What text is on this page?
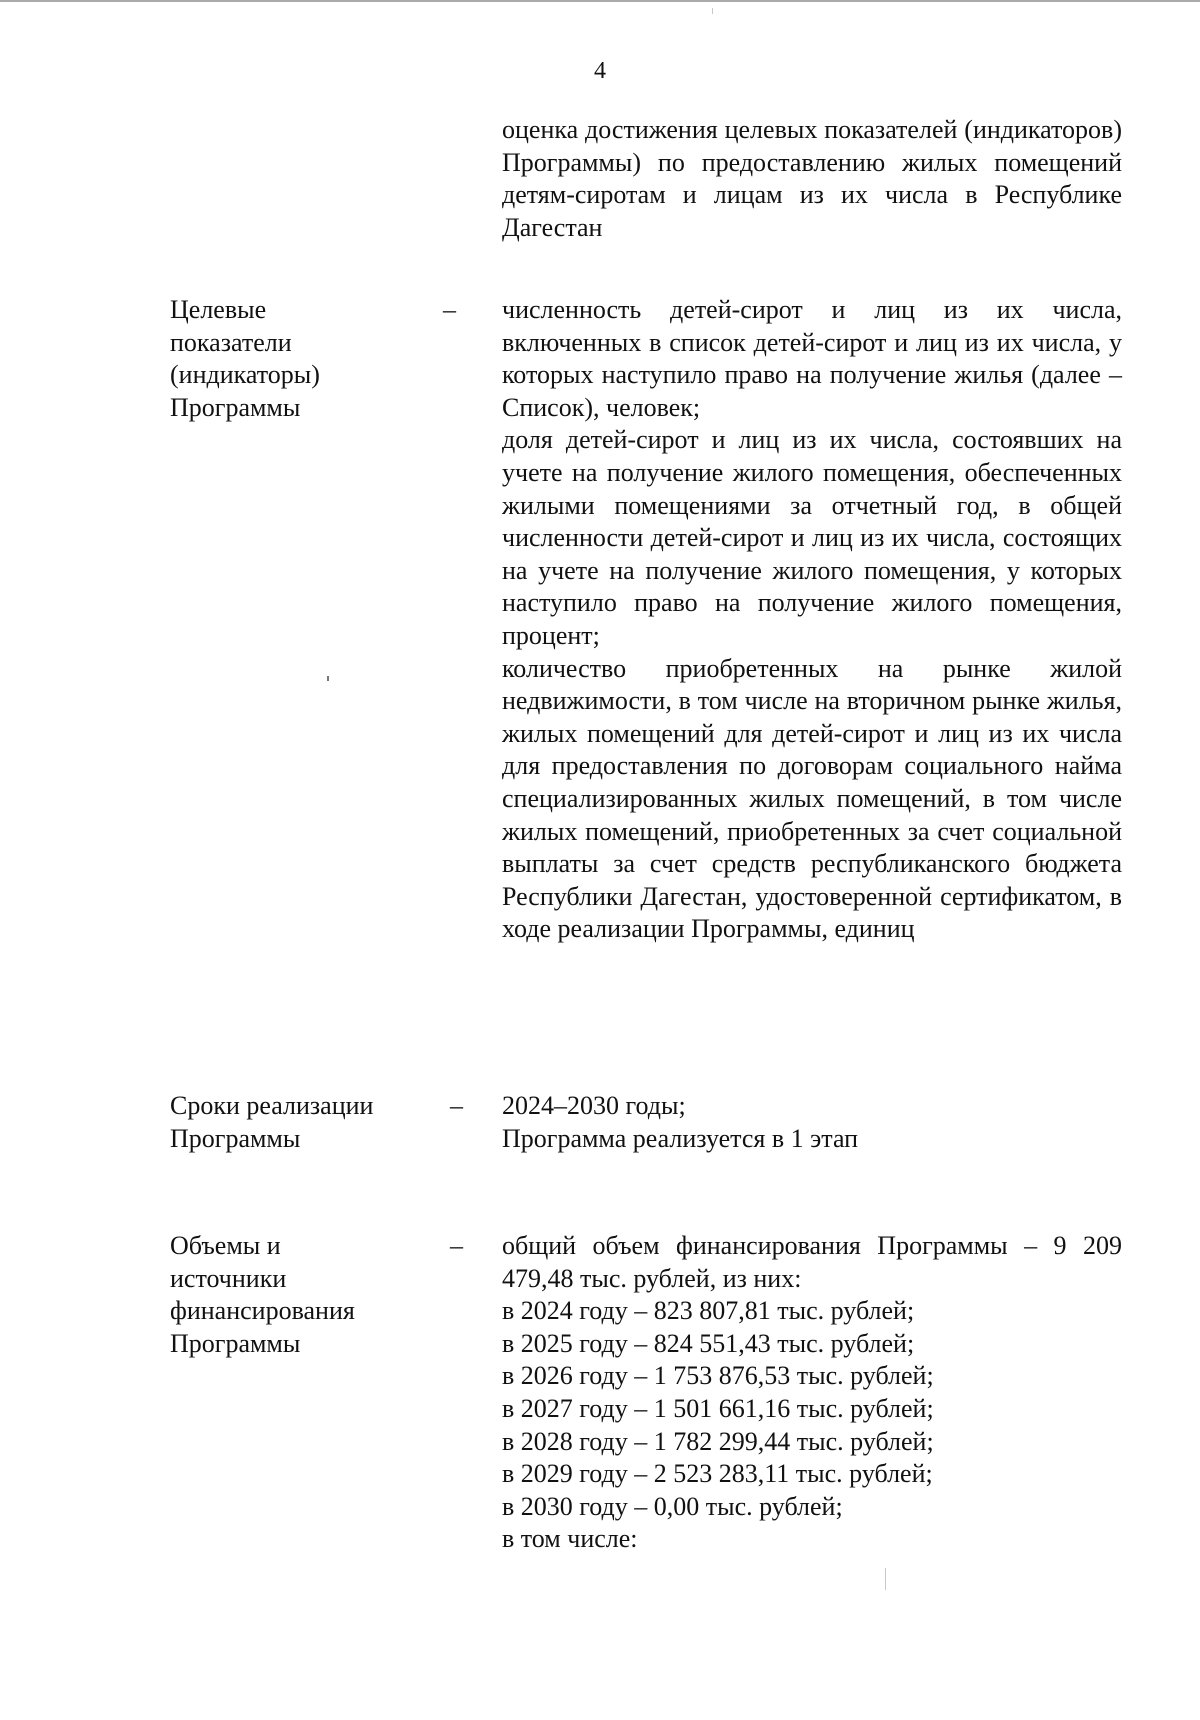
4

оценка достижения целевых показателей (индикаторов) Программы) по предоставлению жилых помещений детям-сиротам и лицам из их числа в Республике Дагестан

Целевые
показатели
(индикаторы)
Программы
– численность детей-сирот и лиц из их числа, включенных в список детей-сирот и лиц из их числа, у которых наступило право на получение жилья (далее – Список), человек;

доля детей-сирот и лиц из их числа, состоявших на учете на получение жилого помещения, обеспеченных жилыми помещениями за отчетный год, в общей численности детей-сирот и лиц из их числа, состоящих на учете на получение жилого помещения, у которых наступило право на получение жилого помещения, процент;

количество приобретенных на рынке жилой недвижимости, в том числе на вторичном рынке жилья, жилых помещений для детей-сирот и лиц из их числа для предоставления по договорам социального найма специализированных жилых помещений, в том числе жилых помещений, приобретенных за счет социальной выплаты за счет средств республиканского бюджета Республики Дагестан, удостоверенной сертификатом, в ходе реализации Программы, единиц

Сроки реализации
Программы
– 2024–2030 годы;
Программа реализуется в 1 этап
Объемы и
источники
финансирования
Программы
– общий объем финансирования Программы – 9 209 479,48 тыс. рублей, из них:

в 2024 году – 823 807,81 тыс. рублей;
в 2025 году – 824 551,43 тыс. рублей;
в 2026 году – 1 753 876,53 тыс. рублей;
в 2027 году – 1 501 661,16 тыс. рублей;
в 2028 году – 1 782 299,44 тыс. рублей;
в 2029 году – 2 523 283,11 тыс. рублей;
в 2030 году – 0,00 тыс. рублей;
в том числе:
